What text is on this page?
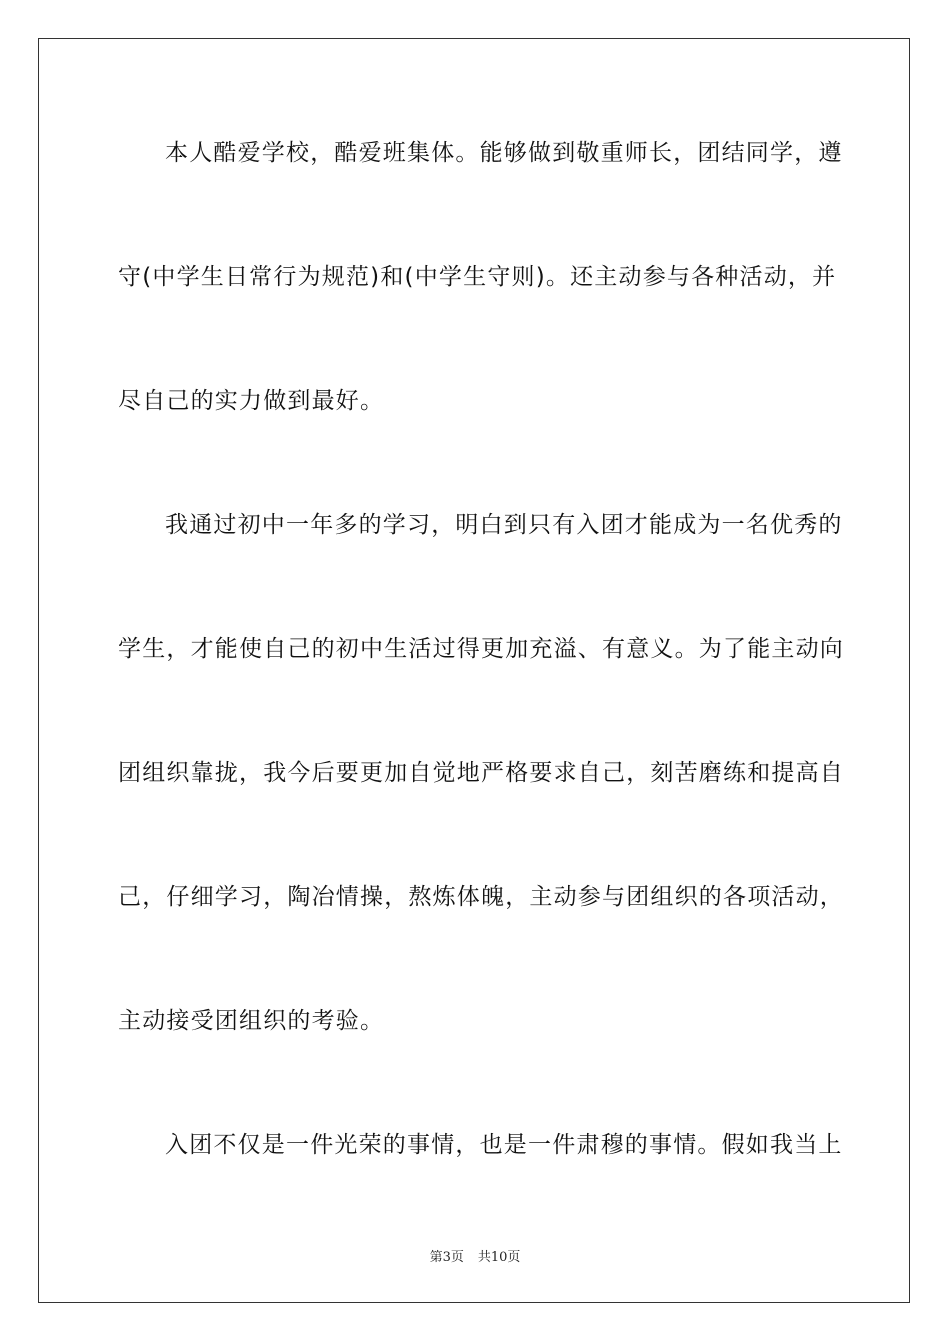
本人酷爱学校，酷爱班集体。能够做到敬重师长，团结同学，遵
守(中学生日常行为规范)和(中学生守则)。还主动参与各种活动，并
尽自己的实力做到最好。
我通过初中一年多的学习，明白到只有入团才能成为一名优秀的
学生，才能使自己的初中生活过得更加充溢、有意义。为了能主动向
团组织靠拢，我今后要更加自觉地严格要求自己，刻苦磨练和提高自
己，仔细学习，陶冶情操，熬炼体魄，主动参与团组织的各项活动，
主动接受团组织的考验。
入团不仅是一件光荣的事情，也是一件肃穆的事情。假如我当上
第3页 共10页
